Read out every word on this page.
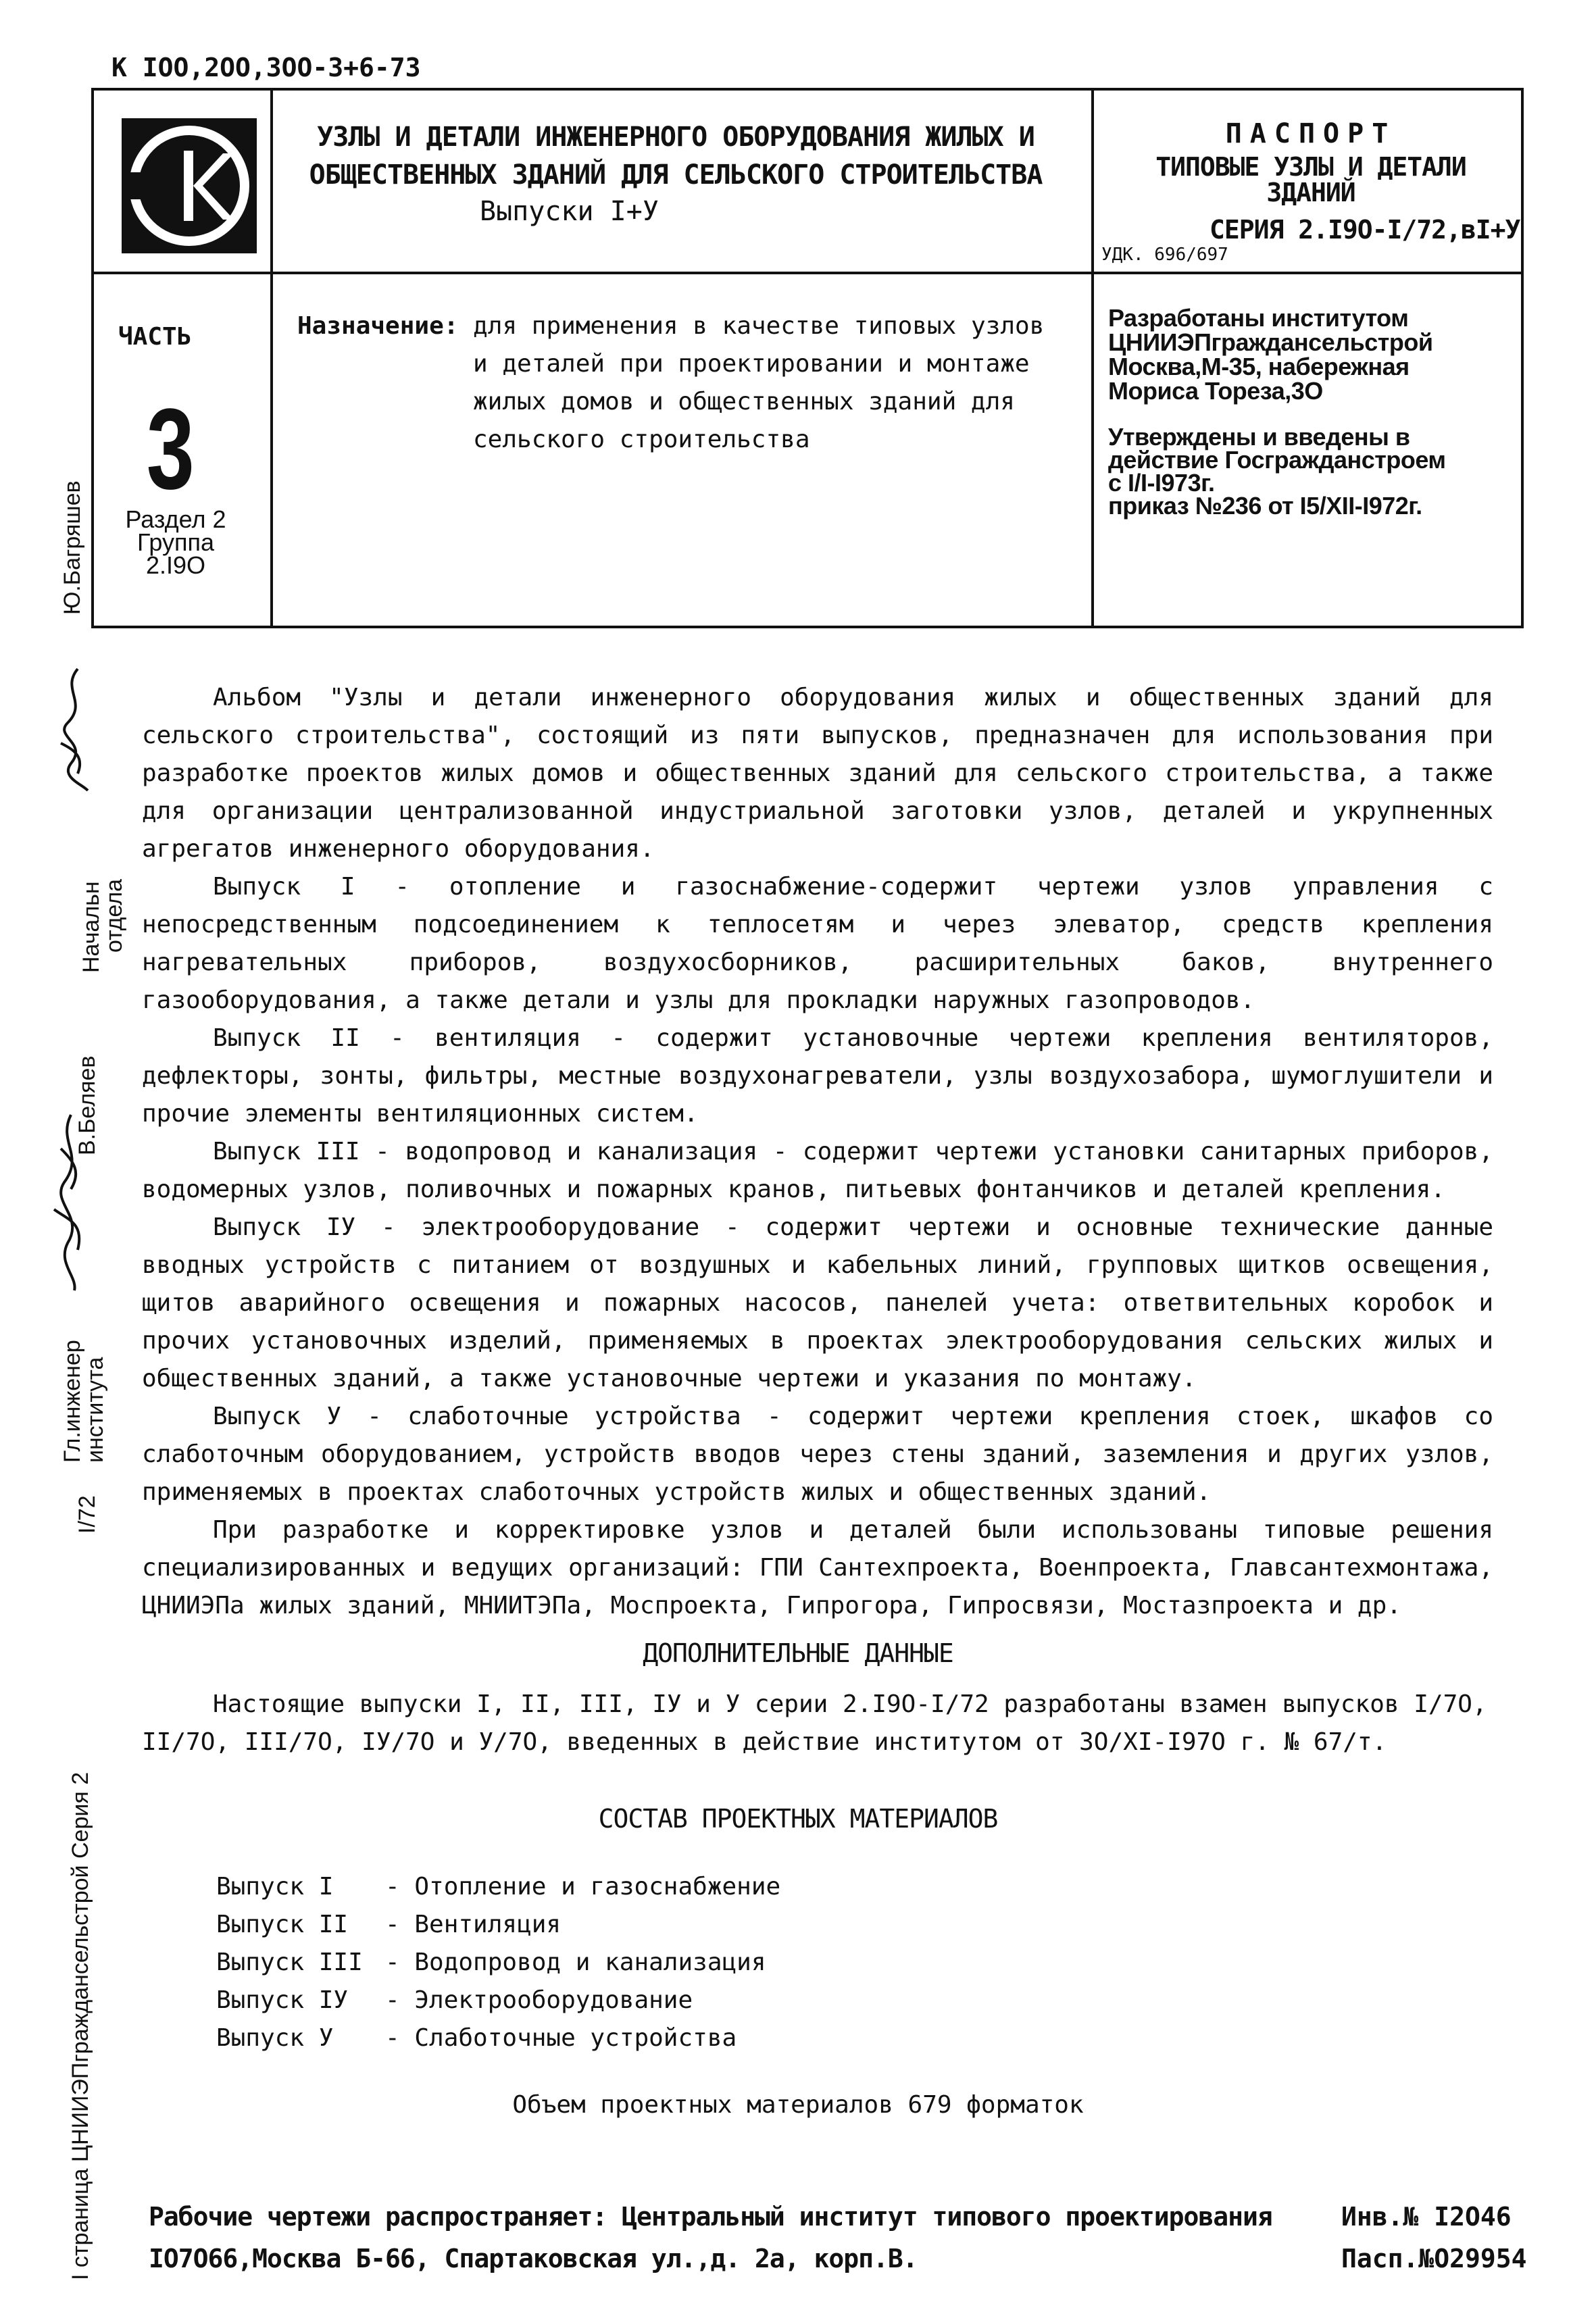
К IOO,2OO,3OO-3+6-73
УЗЛЫ И ДЕТАЛИ ИНЖЕНЕРНОГО ОБОРУДОВАНИЯ ЖИЛЫХ И
ОБЩЕСТВЕННЫХ ЗДАНИЙ ДЛЯ СЕЛЬСКОГО СТРОИТЕЛЬСТВА
Выпуски I+У
ПАСПОРТ
ТИПОВЫЕ УЗЛЫ И ДЕТАЛИ
ЗДАНИЙ
СЕРИЯ 2.I9O-I/72,вI+У
УДК. 696/697
ЧАСТЬ
3
Раздел 2
Группа
2.I9O
Назначение: для применения в качестве типовых узлов
и деталей при проектировании и монтаже
жилых домов и общественных зданий для
сельского строительства
Разработаны институтом
ЦНИИЭПграждансельстрой
Москва,М-35, набережная
Мориса Тореза,3O
Утверждены и введены в
действие Госгражданстроем
с I/I-I973г.
приказ №236 от I5/XII-I972г.
Ю.Багряшев
Начальн
отдела
В.Беляев
Гл.инженер
института
I/72
I страница ЦНИИЭПграждансельстрой Серия 2

Альбом "Узлы и детали инженерного оборудования жилых и общественных зданий для сельского строительства", состоящий из пяти выпусков, предназначен для использования при разработке проектов жилых домов и общественных зданий для сельского строительства, а также для организации централизованной индустриальной заготовки узлов, деталей и укрупненных агрегатов инженерного оборудования.

Выпуск I - отопление и газоснабжение-содержит чертежи узлов управления с непосредственным подсоединением к теплосетям и через элеватор, средств крепления нагревательных приборов, воздухосборников, расширительных баков, внутреннего газооборудования, а также детали и узлы для прокладки наружных газопроводов.

Выпуск II - вентиляция - содержит установочные чертежи крепления вентиляторов, дефлекторы, зонты, фильтры, местные воздухонагреватели, узлы воздухозабора, шумоглушители и прочие элементы вентиляционных систем.

Выпуск III - водопровод и канализация - содержит чертежи установки санитарных приборов, водомерных узлов, поливочных и пожарных кранов, питьевых фонтанчиков и деталей крепления.

Выпуск IУ - электрооборудование - содержит чертежи и основные технические данные вводных устройств с питанием от воздушных и кабельных линий, групповых щитков освещения, щитов аварийного освещения и пожарных насосов, панелей учета: ответвительных коробок и прочих установочных изделий, применяемых в проектах электрооборудования сельских жилых и общественных зданий, а также установочные чертежи и указания по монтажу.

Выпуск У - слаботочные устройства - содержит чертежи крепления стоек, шкафов со слаботочным оборудованием, устройств вводов через стены зданий, заземления и других узлов, применяемых в проектах слаботочных устройств жилых и общественных зданий.

При разработке и корректировке узлов и деталей были использованы типовые решения специализированных и ведущих организаций: ГПИ Сантехпроекта, Военпроекта, Главсантехмонтажа, ЦНИИЭПа жилых зданий, МНИИТЭПа, Моспроекта, Гипрогора, Гипросвязи, Мостазпроекта и др.

ДОПОЛНИТЕЛЬНЫЕ ДАННЫЕ

Настоящие выпуски I, II, III, IУ и У серии 2.I9O-I/72 разработаны взамен выпусков I/7O, II/7O, III/7O, IУ/7O и У/7O, введенных в действие институтом от 3O/XI-I97O г. № 67/т.

СОСТАВ ПРОЕКТНЫХ МАТЕРИАЛОВ
Выпуск I	- Отопление и газоснабжение
Выпуск II	- Вентиляция
Выпуск III - Водопровод и канализация
Выпуск IУ	- Электрооборудование
Выпуск У	- Слаботочные устройства
Объем проектных материалов 679 форматок
Рабочие чертежи распространяет: Центральный институт типового проектирования
IO7O66,Москва Б-66, Спартаковская ул.,д. 2а, корп.В.
Инв.№ I2O46
Пасп.№O29954
